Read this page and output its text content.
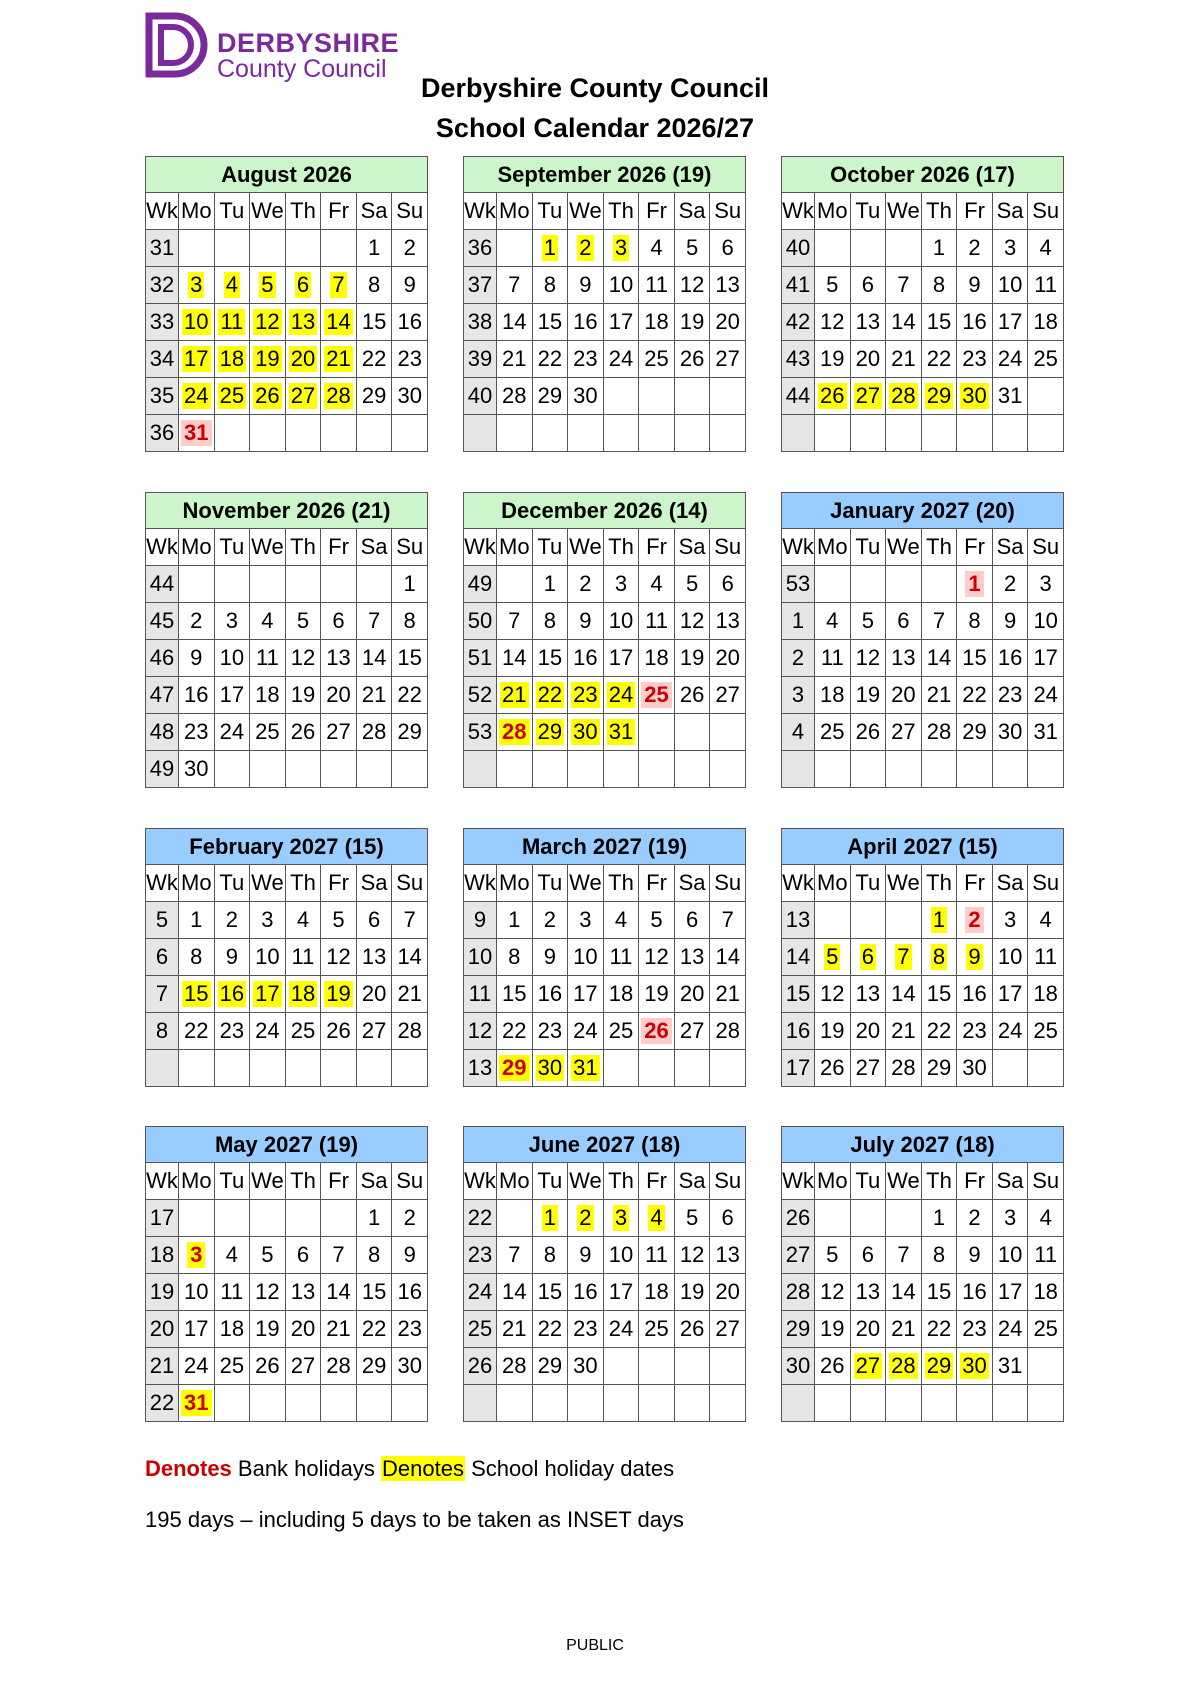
DERBYSHIRE
County Council
Derbyshire County Council
School Calendar 2026/27
August 2026							
Wk	Mo	Tu	We	Th	Fr	Sa	Su
31						1	2
32	3	4	5	6	7	8	9
33	10	11	12	13	14	15	16
34	17	18	19	20	21	22	23
35	24	25	26	27	28	29	30
36	31						
September 2026 (19)							
Wk	Mo	Tu	We	Th	Fr	Sa	Su
36		1	2	3	4	5	6
37	7	8	9	10	11	12	13
38	14	15	16	17	18	19	20
39	21	22	23	24	25	26	27
40	28	29	30				

October 2026 (17)							
Wk	Mo	Tu	We	Th	Fr	Sa	Su
40				1	2	3	4
41	5	6	7	8	9	10	11
42	12	13	14	15	16	17	18
43	19	20	21	22	23	24	25
44	26	27	28	29	30	31	

November 2026 (21)							
Wk	Mo	Tu	We	Th	Fr	Sa	Su
44							1
45	2	3	4	5	6	7	8
46	9	10	11	12	13	14	15
47	16	17	18	19	20	21	22
48	23	24	25	26	27	28	29
49	30						
December 2026 (14)							
Wk	Mo	Tu	We	Th	Fr	Sa	Su
49		1	2	3	4	5	6
50	7	8	9	10	11	12	13
51	14	15	16	17	18	19	20
52	21	22	23	24	25	26	27
53	28	29	30	31			

January 2027 (20)							
Wk	Mo	Tu	We	Th	Fr	Sa	Su
53					1	2	3
1	4	5	6	7	8	9	10
2	11	12	13	14	15	16	17
3	18	19	20	21	22	23	24
4	25	26	27	28	29	30	31

February 2027 (15)							
Wk	Mo	Tu	We	Th	Fr	Sa	Su
5	1	2	3	4	5	6	7
6	8	9	10	11	12	13	14
7	15	16	17	18	19	20	21
8	22	23	24	25	26	27	28

March 2027 (19)							
Wk	Mo	Tu	We	Th	Fr	Sa	Su
9	1	2	3	4	5	6	7
10	8	9	10	11	12	13	14
11	15	16	17	18	19	20	21
12	22	23	24	25	26	27	28
13	29	30	31				
April 2027 (15)							
Wk	Mo	Tu	We	Th	Fr	Sa	Su
13				1	2	3	4
14	5	6	7	8	9	10	11
15	12	13	14	15	16	17	18
16	19	20	21	22	23	24	25
17	26	27	28	29	30		
May 2027 (19)							
Wk	Mo	Tu	We	Th	Fr	Sa	Su
17						1	2
18	3	4	5	6	7	8	9
19	10	11	12	13	14	15	16
20	17	18	19	20	21	22	23
21	24	25	26	27	28	29	30
22	31						
June 2027 (18)							
Wk	Mo	Tu	We	Th	Fr	Sa	Su
22		1	2	3	4	5	6
23	7	8	9	10	11	12	13
24	14	15	16	17	18	19	20
25	21	22	23	24	25	26	27
26	28	29	30				

July 2027 (18)							
Wk	Mo	Tu	We	Th	Fr	Sa	Su
26				1	2	3	4
27	5	6	7	8	9	10	11
28	12	13	14	15	16	17	18
29	19	20	21	22	23	24	25
30	26	27	28	29	30	31	

Denotes Bank holidays Denotes School holiday dates
195 days – including 5 days to be taken as INSET days
PUBLIC
